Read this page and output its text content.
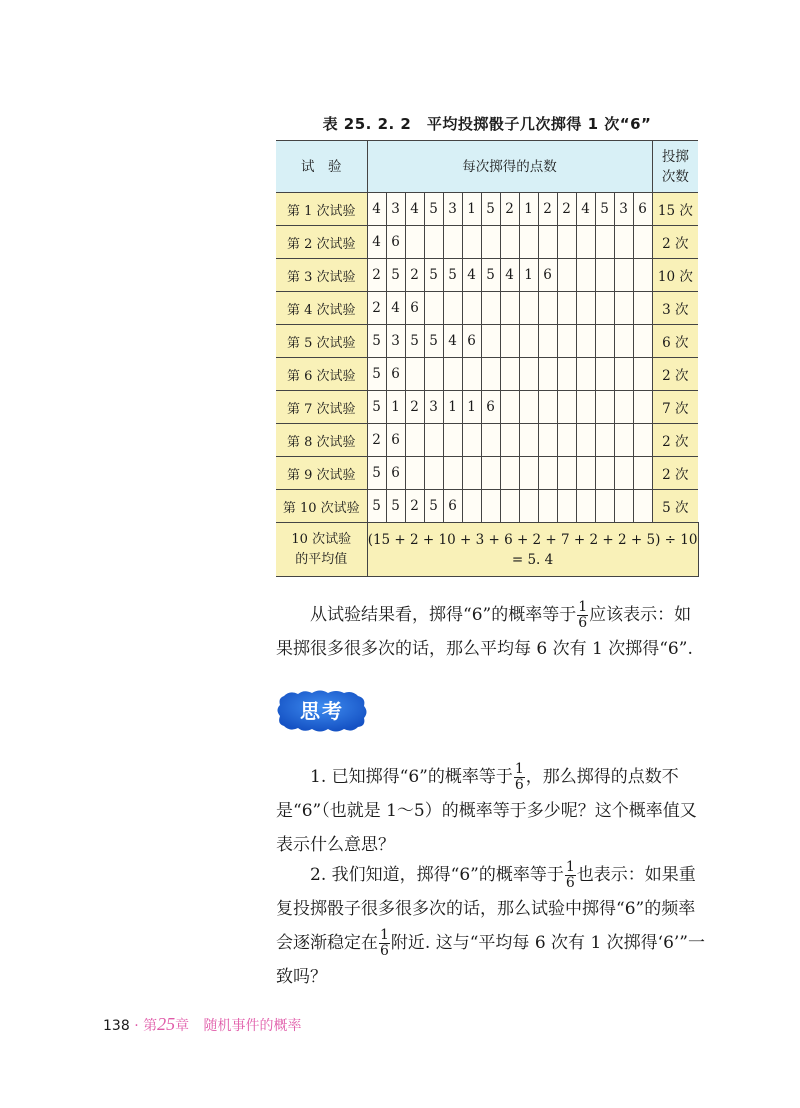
表 25. 2. 2　平均投掷骰子几次掷得 1 次“6”
试　验	每次掷得的点数															投掷
次数
第 1 次试验	4	3	4	5	3	1	5	2	1	2	2	4	5	3	6	15 次
第 2 次试验	4	6														2 次
第 3 次试验	2	5	2	5	5	4	5	4	1	6						10 次
第 4 次试验	2	4	6													3 次
第 5 次试验	5	3	5	5	4	6										6 次
第 6 次试验	5	6														2 次
第 7 次试验	5	1	2	3	1	1	6									7 次
第 8 次试验	2	6														2 次
第 9 次试验	5	6														2 次
第 10 次试验	5	5	2	5	6											5 次
10 次试验
的平均值	(15 + 2 + 10 + 3 + 6 + 2 + 7 + 2 + 2 + 5) ÷ 10
= 5. 4															
从试验结果看，掷得“6”的概率等于 $\frac{1}{6}$ 应该表示：如果掷很多很多次的话，那么平均每 6 次有 1 次掷得“6”.
思考
1. 已知掷得“6”的概率等于 $\frac{1}{6}$ ，那么掷得的点数不是“6”（也就是 1～5）的概率等于多少呢？这个概率值又表示什么意思？
2. 我们知道，掷得“6”的概率等于 $\frac{1}{6}$ 也表示：如果重复投掷骰子很多很多次的话，那么试验中掷得“6”的频率会逐渐稳定在 $\frac{1}{6}$ 附近. 这与“平均每 6 次有 1 次掷得‘6’”一致吗？
138 · 第25章 随机事件的概率
